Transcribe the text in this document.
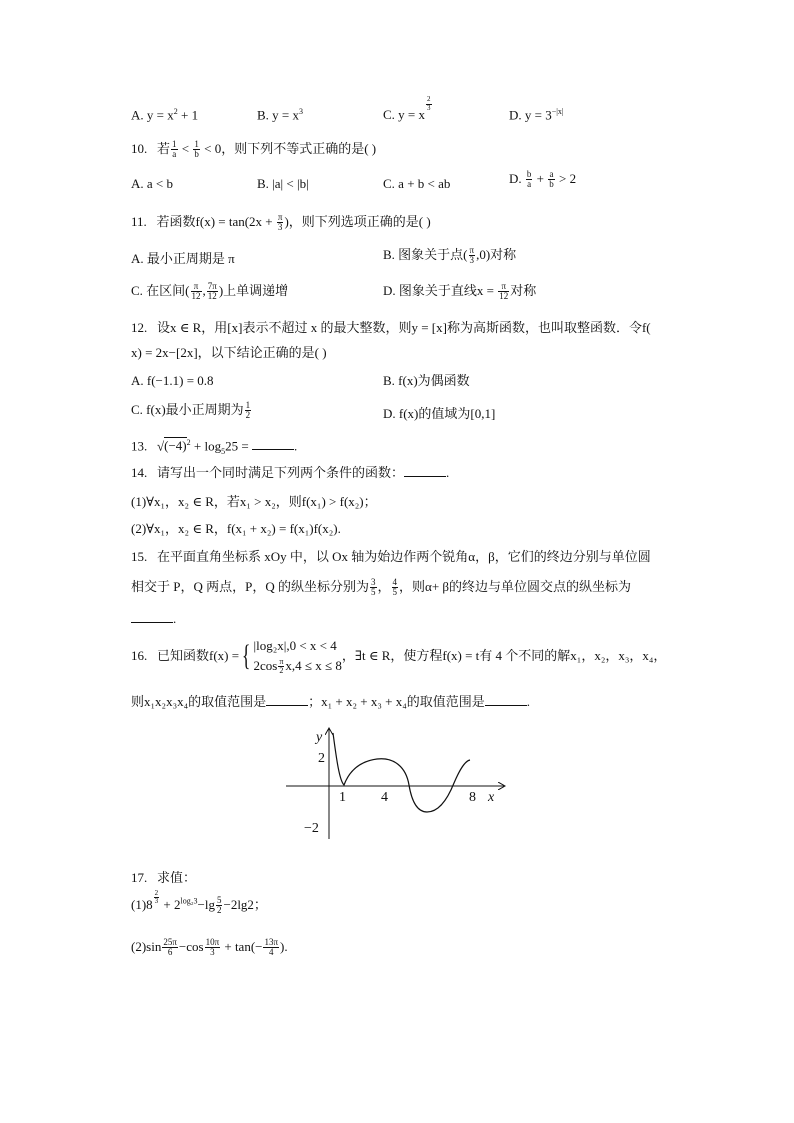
A. $y = x^2 + 1$	B. $y = x^3$	C. y = x
$\frac{2}{3}$
D. $y = 3^{-|x|}$
10. 若 $\frac{1}{a} < \frac{1}{b} < 0$，则下列不等式正确的是( )
A. a < b	B. |a| < |b|	C. a + b < ab	D. $\frac{b}{a} + \frac{a}{b} > 2$
11. 若函数$f(x) = \tan(2x + \frac{\pi}{3}$ )，则下列选项正确的是( )
A. 最小正周期是 π	B. 图象关于点( $\frac{\pi}{3} ,0$)对称
C. 在区间( $\frac{\pi}{12}$ , $\frac{7\pi}{12}$ )上单调递增	D. 图象关于直线$x = \frac{\pi}{12}$ 对称
12. 设x ∈ R，用[x]表示不超过 x 的最大整数，则y = [x]称为高斯函数，也叫取整函数．令f(
x) = 2x−[2x]，以下结论正确的是( )
A. f(−1.1) = 0.8	B. f(x)为偶函数
C. f(x)最小正周期为 $\frac{1}{2}$	D. f(x)的值域为[0,1]
13.   $√(-4)^2 + \log_525$ =	.
14. 请写出一个同时满足下列两个条件的函数：	.
(1)∀x₁，x₂ ∈ R，若x₁ > x₂，则f(x₁) > f(x₂)；
(2)∀x₁，x₂ ∈ R，f(x₁ + x₂) = f(x₁)f(x₂).
15. 在平面直角坐标系 xOy 中，以 Ox 轴为始边作两个锐角α，β，它们的终边分别与单位圆
相交于 P，Q 两点，P，Q 的纵坐标分别为 $\frac{3}{5}$ ， $\frac{4}{5}$ ，则α+ β的终边与单位圆交点的纵坐标为
.
16. 已知函数f(x) ={ |log₂x|,0 < x < 4
$2\cos \frac{\pi}{2} x,4 \le x \le 8$
，∃t ∈ R，使方程f(x) = t有 4 个不同的解x₁，x₂，x₃，x₄，
则x₁x₂x₃x₄的取值范围是	；x₁ + x₂ + x₃ + x₄的取值范围是	.
y
x
2
−2
1	4	8
17. 求值：
$(1)8 \frac{2}{3} + 2^{log_23}-\lg \frac{5}{2} -2\lg 2$；
$(2)\sin \frac{25\pi}{6} -\cos \frac{10\pi}{3} + \tan(- \frac{13\pi}{4}$ ).
